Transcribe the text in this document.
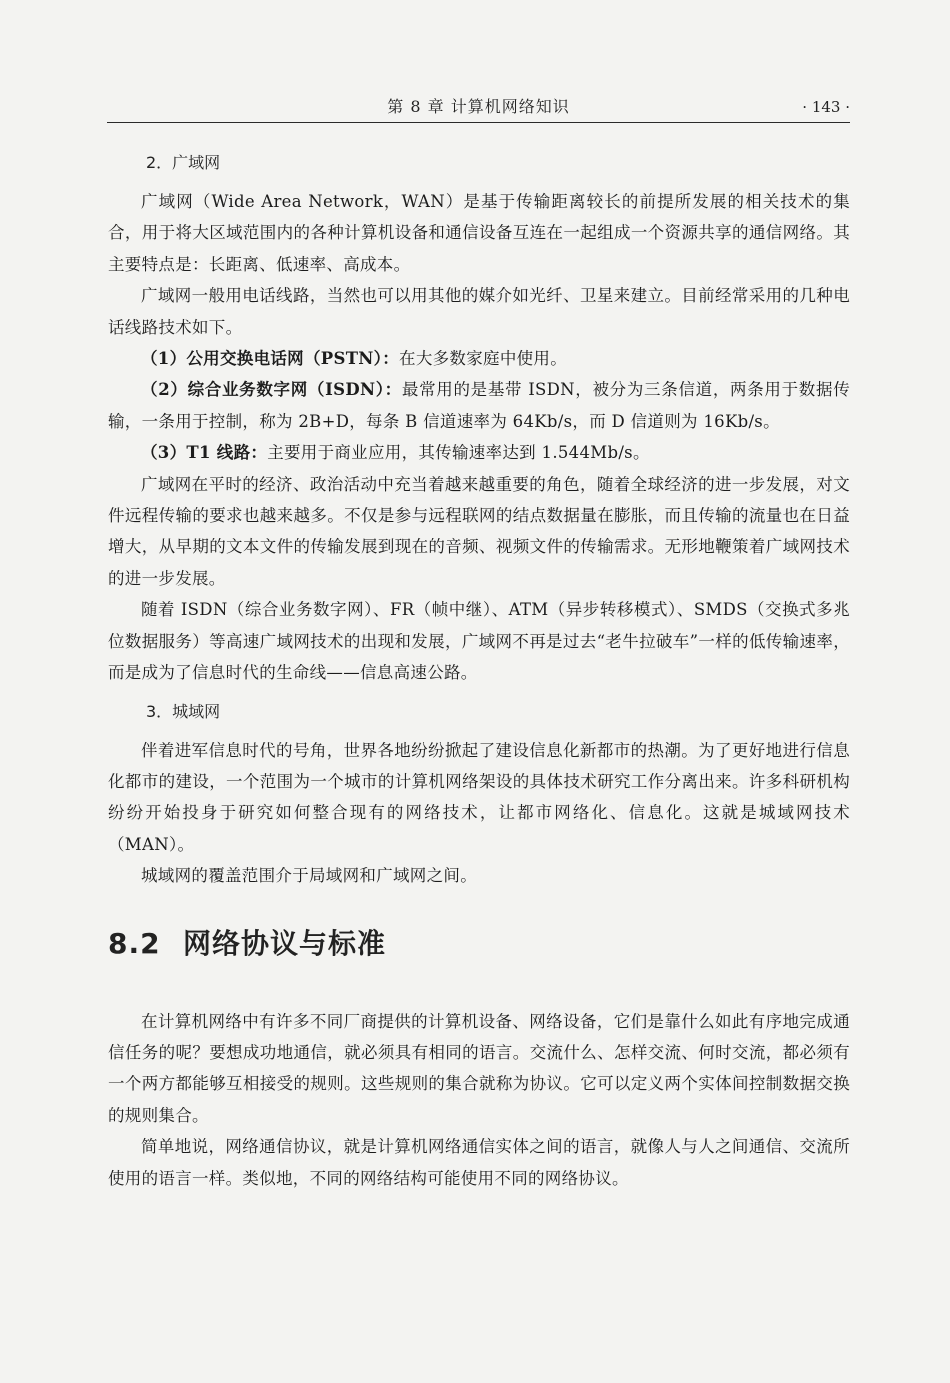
第 8 章 计算机网络知识	· 143 ·

2．广域网

广域网（Wide Area Network，WAN）是基于传输距离较长的前提所发展的相关技术的集合，用于将大区域范围内的各种计算机设备和通信设备互连在一起组成一个资源共享的通信网络。其主要特点是：长距离、低速率、高成本。

广域网一般用电话线路，当然也可以用其他的媒介如光纤、卫星来建立。目前经常采用的几种电话线路技术如下。

（1）公用交换电话网（PSTN）：在大多数家庭中使用。

（2）综合业务数字网（ISDN）：最常用的是基带 ISDN，被分为三条信道，两条用于数据传输，一条用于控制，称为 2B+D，每条 B 信道速率为 64Kb/s，而 D 信道则为 16Kb/s。

（3）T1 线路：主要用于商业应用，其传输速率达到 1.544Mb/s。

广域网在平时的经济、政治活动中充当着越来越重要的角色，随着全球经济的进一步发展，对文件远程传输的要求也越来越多。不仅是参与远程联网的结点数据量在膨胀，而且传输的流量也在日益增大，从早期的文本文件的传输发展到现在的音频、视频文件的传输需求。无形地鞭策着广域网技术的进一步发展。

随着 ISDN（综合业务数字网）、FR（帧中继）、ATM（异步转移模式）、SMDS（交换式多兆位数据服务）等高速广域网技术的出现和发展，广域网不再是过去“老牛拉破车”一样的低传输速率，而是成为了信息时代的生命线——信息高速公路。

3．城域网

伴着进军信息时代的号角，世界各地纷纷掀起了建设信息化新都市的热潮。为了更好地进行信息化都市的建设，一个范围为一个城市的计算机网络架设的具体技术研究工作分离出来。许多科研机构纷纷开始投身于研究如何整合现有的网络技术，让都市网络化、信息化。这就是城域网技术（MAN）。

城域网的覆盖范围介于局域网和广域网之间。

8.2 网络协议与标准

在计算机网络中有许多不同厂商提供的计算机设备、网络设备，它们是靠什么如此有序地完成通信任务的呢？要想成功地通信，就必须具有相同的语言。交流什么、怎样交流、何时交流，都必须有一个两方都能够互相接受的规则。这些规则的集合就称为协议。它可以定义两个实体间控制数据交换的规则集合。

简单地说，网络通信协议，就是计算机网络通信实体之间的语言，就像人与人之间通信、交流所使用的语言一样。类似地，不同的网络结构可能使用不同的网络协议。
